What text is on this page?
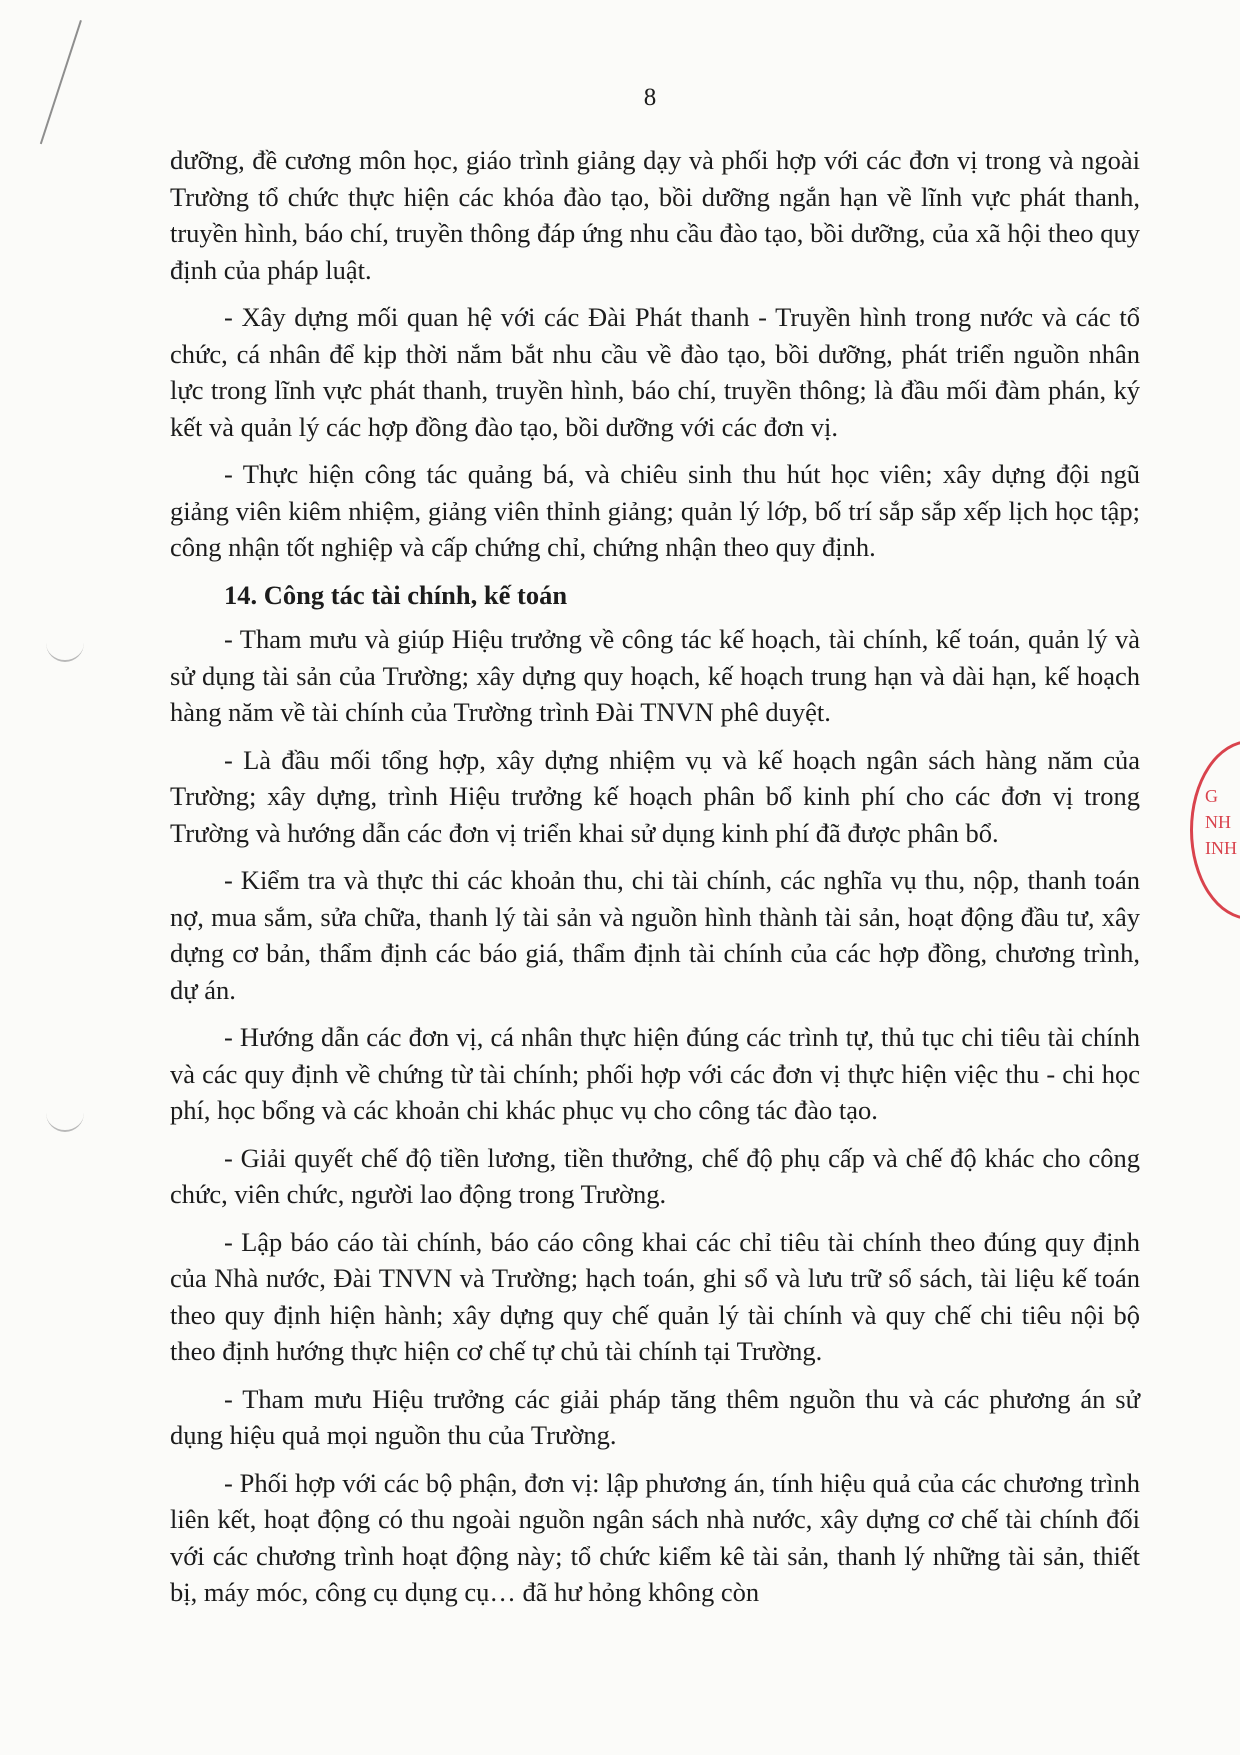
G
NH
INH
8

dưỡng, đề cương môn học, giáo trình giảng dạy và phối hợp với các đơn vị trong và ngoài Trường tổ chức thực hiện các khóa đào tạo, bồi dưỡng ngắn hạn về lĩnh vực phát thanh, truyền hình, báo chí, truyền thông đáp ứng nhu cầu đào tạo, bồi dưỡng, của xã hội theo quy định của pháp luật.

- Xây dựng mối quan hệ với các Đài Phát thanh - Truyền hình trong nước và các tổ chức, cá nhân để kịp thời nắm bắt nhu cầu về đào tạo, bồi dưỡng, phát triển nguồn nhân lực trong lĩnh vực phát thanh, truyền hình, báo chí, truyền thông; là đầu mối đàm phán, ký kết và quản lý các hợp đồng đào tạo, bồi dưỡng với các đơn vị.

- Thực hiện công tác quảng bá, và chiêu sinh thu hút học viên; xây dựng đội ngũ giảng viên kiêm nhiệm, giảng viên thỉnh giảng; quản lý lớp, bố trí sắp sắp xếp lịch học tập; công nhận tốt nghiệp và cấp chứng chỉ, chứng nhận theo quy định.

14. Công tác tài chính, kế toán

- Tham mưu và giúp Hiệu trưởng về công tác kế hoạch, tài chính, kế toán, quản lý và sử dụng tài sản của Trường; xây dựng quy hoạch, kế hoạch trung hạn và dài hạn, kế hoạch hàng năm về tài chính của Trường trình Đài TNVN phê duyệt.

- Là đầu mối tổng hợp, xây dựng nhiệm vụ và kế hoạch ngân sách hàng năm của Trường; xây dựng, trình Hiệu trưởng kế hoạch phân bổ kinh phí cho các đơn vị trong Trường và hướng dẫn các đơn vị triển khai sử dụng kinh phí đã được phân bổ.

- Kiểm tra và thực thi các khoản thu, chi tài chính, các nghĩa vụ thu, nộp, thanh toán nợ, mua sắm, sửa chữa, thanh lý tài sản và nguồn hình thành tài sản, hoạt động đầu tư, xây dựng cơ bản, thẩm định các báo giá, thẩm định tài chính của các hợp đồng, chương trình, dự án.

- Hướng dẫn các đơn vị, cá nhân thực hiện đúng các trình tự, thủ tục chi tiêu tài chính và các quy định về chứng từ tài chính; phối hợp với các đơn vị thực hiện việc thu - chi học phí, học bổng và các khoản chi khác phục vụ cho công tác đào tạo.

- Giải quyết chế độ tiền lương, tiền thưởng, chế độ phụ cấp và chế độ khác cho công chức, viên chức, người lao động trong Trường.

- Lập báo cáo tài chính, báo cáo công khai các chỉ tiêu tài chính theo đúng quy định của Nhà nước, Đài TNVN và Trường; hạch toán, ghi sổ và lưu trữ sổ sách, tài liệu kế toán theo quy định hiện hành; xây dựng quy chế quản lý tài chính và quy chế chi tiêu nội bộ theo định hướng thực hiện cơ chế tự chủ tài chính tại Trường.

- Tham mưu Hiệu trưởng các giải pháp tăng thêm nguồn thu và các phương án sử dụng hiệu quả mọi nguồn thu của Trường.

- Phối hợp với các bộ phận, đơn vị: lập phương án, tính hiệu quả của các chương trình liên kết, hoạt động có thu ngoài nguồn ngân sách nhà nước, xây dựng cơ chế tài chính đối với các chương trình hoạt động này; tổ chức kiểm kê tài sản, thanh lý những tài sản, thiết bị, máy móc, công cụ dụng cụ… đã hư hỏng không còn
